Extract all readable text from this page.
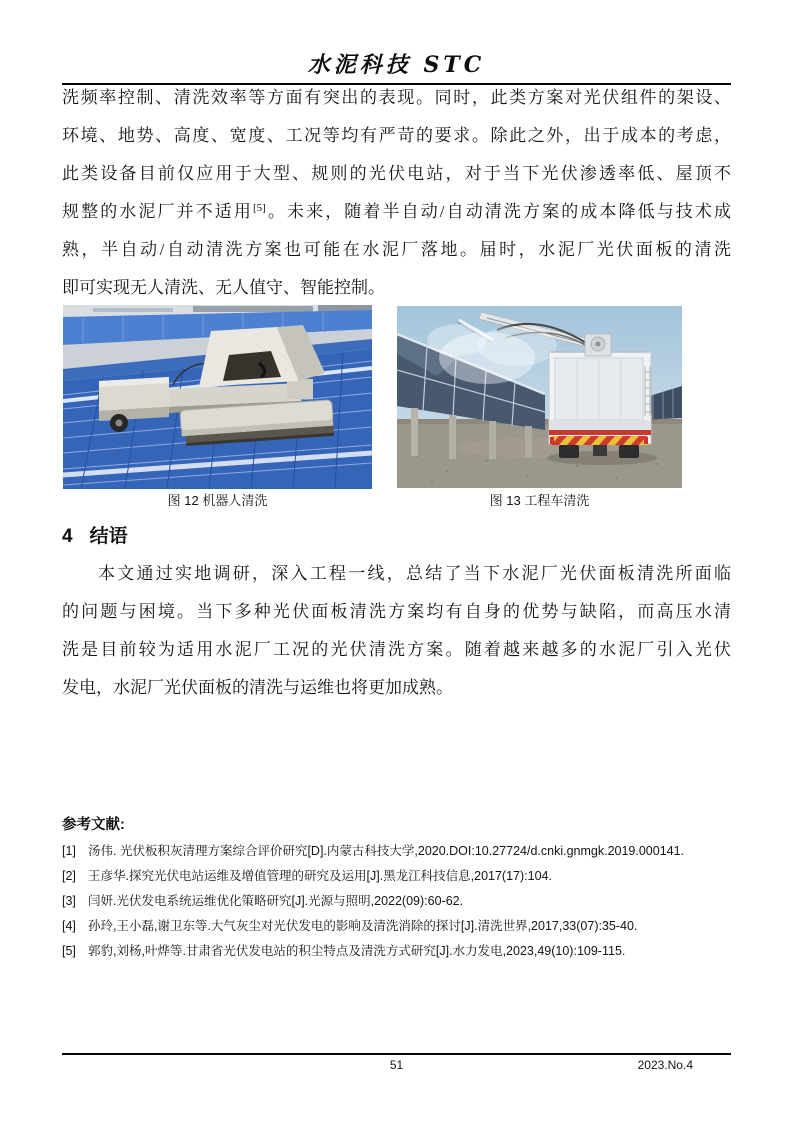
水泥科技 STC
洗频率控制、清洗效率等方面有突出的表现。同时，此类方案对光伏组件的架设、
环境、地势、高度、宽度、工况等均有严苛的要求。除此之外，出于成本的考虑，
此类设备目前仅应用于大型、规则的光伏电站，对于当下光伏渗透率低、屋顶不
规整的水泥厂并不适用[5]。未来，随着半自动/自动清洗方案的成本降低与技术成
熟，半自动/自动清洗方案也可能在水泥厂落地。届时，水泥厂光伏面板的清洗
即可实现无人清洗、无人值守、智能控制。
图 12 机器人清洗	图 13 工程车清洗
4 结语
本文通过实地调研，深入工程一线，总结了当下水泥厂光伏面板清洗所面临
的问题与困境。当下多种光伏面板清洗方案均有自身的优势与缺陷，而高压水清
洗是目前较为适用水泥厂工况的光伏清洗方案。随着越来越多的水泥厂引入光伏
发电，水泥厂光伏面板的清洗与运维也将更加成熟。
参考文献:
[1] 汤伟. 光伏板积灰清理方案综合评价研究[D].内蒙古科技大学,2020.DOI:10.27724/d.cnki.gnmgk.2019.000141.
[2] 王彦华.探究光伏电站运维及增值管理的研究及运用[J].黑龙江科技信息,2017(17):104.
[3] 闫妍.光伏发电系统运维优化策略研究[J].光源与照明,2022(09):60-62.
[4] 孙玲,王小磊,谢卫东等.大气灰尘对光伏发电的影响及清洗消除的探讨[J].清洗世界,2017,33(07):35-40.
[5] 郭豹,刘杨,叶烨等.甘肃省光伏发电站的积尘特点及清洗方式研究[J].水力发电,2023,49(10):109-115.
51	2023.No.4
